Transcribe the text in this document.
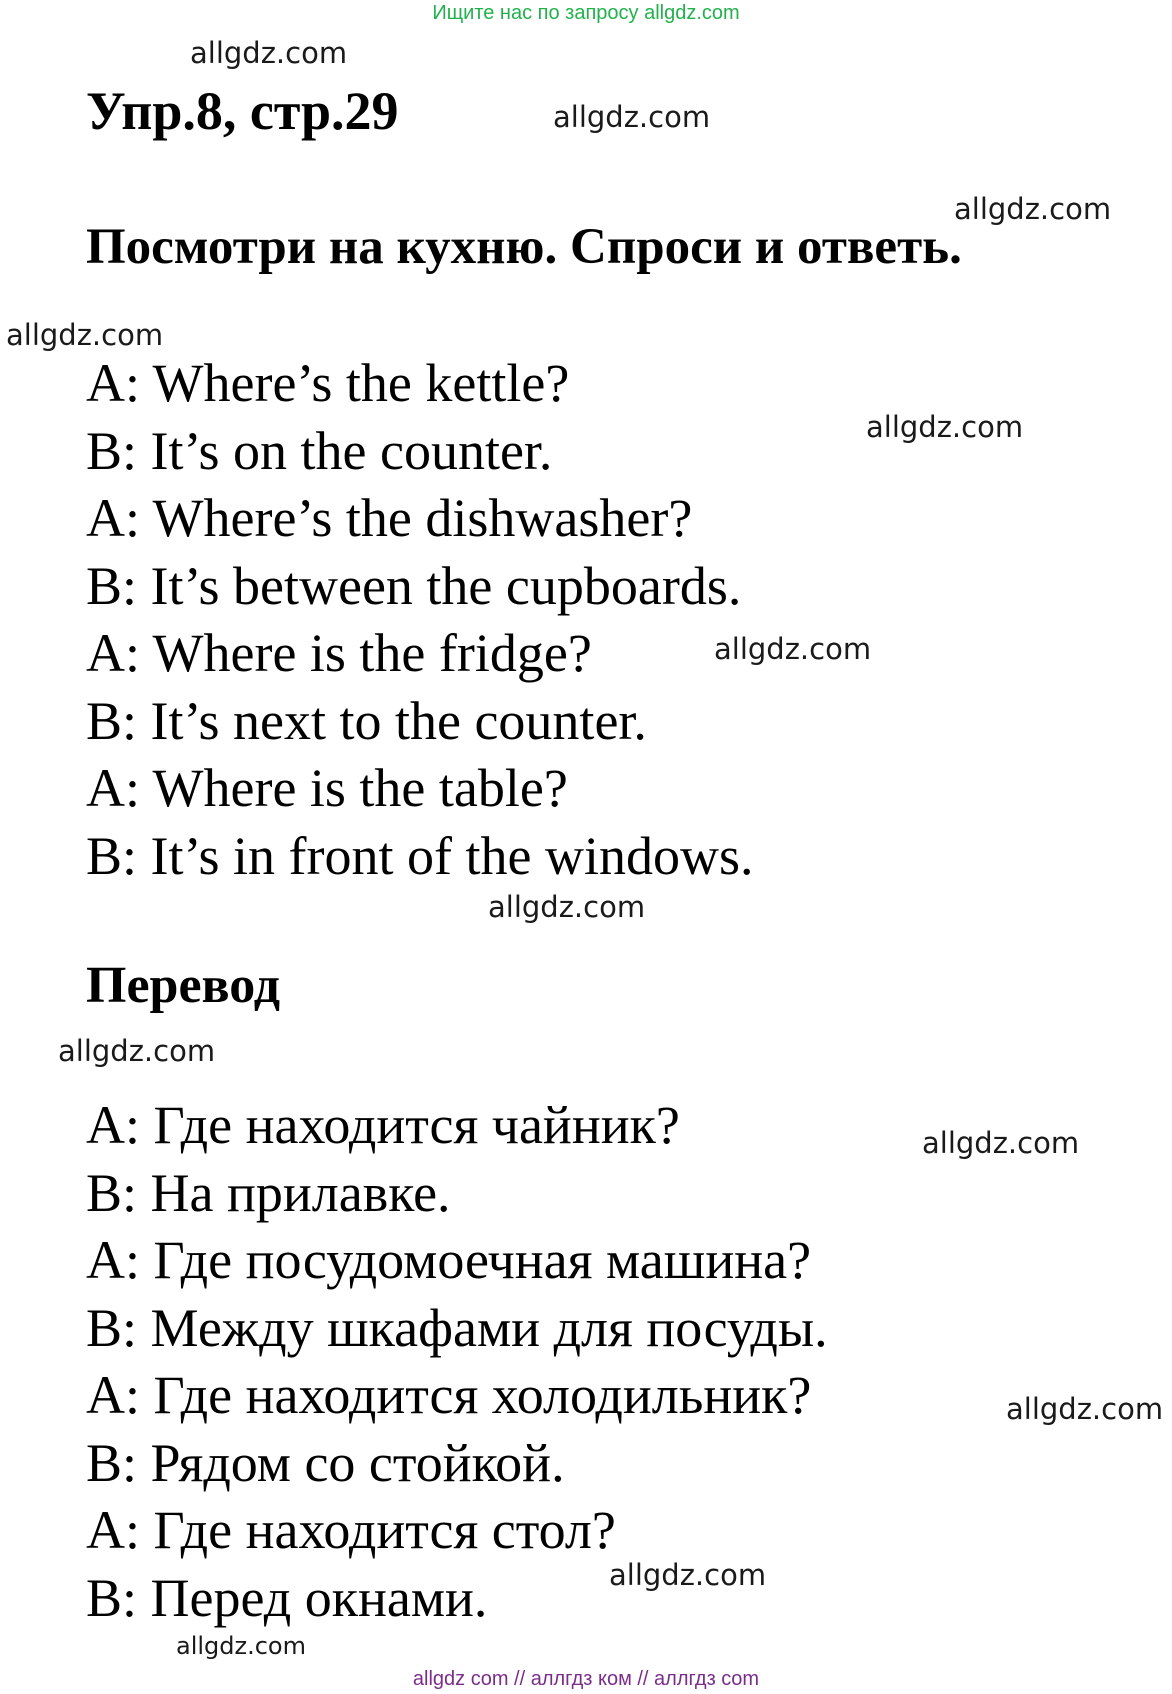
Ищите нас по запросу allgdz.com
allgdz.com
allgdz.com
allgdz.com
allgdz.com
allgdz.com
allgdz.com
allgdz.com
allgdz.com
allgdz.com
allgdz.com
allgdz.com
allgdz.com
Упр.8, стр.29
Посмотри на кухню. Спроси и ответь.
A: Where’s the kettle?
B: It’s on the counter.
A: Where’s the dishwasher?
B: It’s between the cupboards.
A: Where is the fridge?
B: It’s next to the counter.
A: Where is the table?
B: It’s in front of the windows.
Перевод
A: Где находится чайник?
B: На прилавке.
A: Где посудомоечная машина?
B: Между шкафами для посуды.
A: Где находится холодильник?
B: Рядом со стойкой.
A: Где находится стол?
B: Перед окнами.
allgdz com // аллгдз ком // аллгдз com
